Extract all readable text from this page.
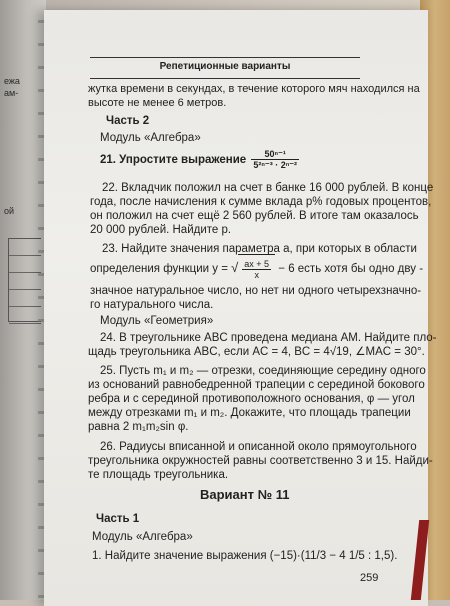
ежа
ам-
ой
Репетиционные варианты
жутка времени в секундах, в течение которого мяч находился на
высоте не менее 6 метров.
Часть 2
Модуль «Алгебра»
21. Упростите выражение $\frac{\text{50ⁿ⁻¹}}{\text{5²ⁿ⁻³ · 2ⁿ⁻²}}$
22. Вкладчик положил на счет в банке 16 000 рублей. В конце
года, после начисления к сумме вклада p% годовых процентов,
он положил на счет ещё 2 560 рублей. В итоге там оказалось
20 000 рублей. Найдите p.
23. Найдите значения параметра a, при которых в области
определения функции y = √ $\frac{ax + 5}{x} - 6$ есть хотя бы одно дву -
значное натуральное число, но нет ни одного четырехзначно-
го натурального числа.
Модуль «Геометрия»
24. В треугольнике ABC проведена медиана AM. Найдите пло-
щадь треугольника ABC, если AC = 4, BC = 4√19, ∠MAC = 30°.
25. Пусть m₁ и m₂ — отрезки, соединяющие середину одного
из оснований равнобедренной трапеции с серединой бокового
ребра и с серединой противоположного основания, φ — угол
между отрезками m₁ и m₂. Докажите, что площадь трапеции
равна 2 m₁m₂sin φ.
26. Радиусы вписанной и описанной около прямоугольного
треугольника окружностей равны соответственно 3 и 15. Найди-
те площадь треугольника.
Вариант № 11
Часть 1
Модуль «Алгебра»
1. Найдите значение выражения (−15)·(11/3 − 4 1/5 : 1,5).
259
